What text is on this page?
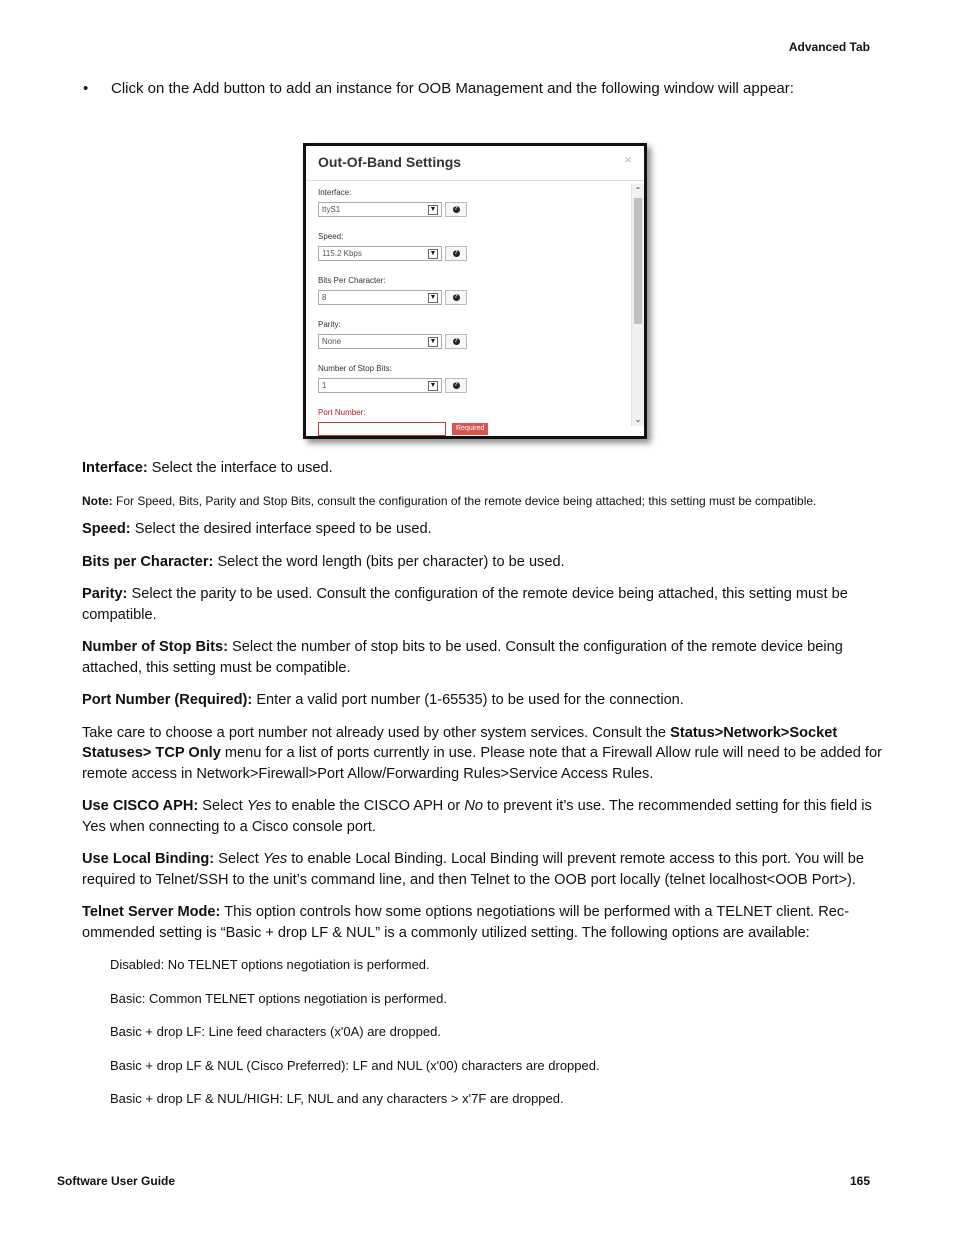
Advanced Tab
• Click on the Add button to add an instance for OOB Management and the following window will appear:
Out-Of-Band Settings	×
Interface:
ttyS1	▼	?
Speed:
115.2 Kbps	▼	?
Bits Per Character:
8	▼	?
Parity:
None	▼	?
Number of Stop Bits:
1	▼	?
Port Number:
Required
⌃
⌄

Interface: Select the interface to used.

Note: For Speed, Bits, Parity and Stop Bits, consult the configuration of the remote device being attached; this setting must be compatible.

Speed: Select the desired interface speed to be used.

Bits per Character: Select the word length (bits per character) to be used.

Parity: Select the parity to be used. Consult the configuration of the remote device being attached, this setting must be compatible.

Number of Stop Bits: Select the number of stop bits to be used. Consult the configuration of the remote device being attached, this setting must be compatible.

Port Number (Required): Enter a valid port number (1-65535) to be used for the connection.

Take care to choose a port number not already used by other system services. Consult the Status>Network>Socket Statuses> TCP Only menu for a list of ports currently in use. Please note that a Firewall Allow rule will need to be added for remote access in Network>Firewall>Port Allow/Forwarding Rules>Service Access Rules.

Use CISCO APH: Select Yes to enable the CISCO APH or No to prevent it’s use. The recommended setting for this field is Yes when connecting to a Cisco console port.

Use Local Binding: Select Yes to enable Local Binding. Local Binding will prevent remote access to this port. You will be required to Telnet/SSH to the unit’s command line, and then Telnet to the OOB port locally (telnet localhost<OOB Port>).

Telnet Server Mode: This option controls how some options negotiations will be performed with a TELNET client. Rec-ommended setting is “Basic + drop LF & NUL” is a commonly utilized setting. The following options are available:

Disabled: No TELNET options negotiation is performed.

Basic: Common TELNET options negotiation is performed.

Basic + drop LF: Line feed characters (x'0A) are dropped.

Basic + drop LF & NUL (Cisco Preferred): LF and NUL (x'00) characters are dropped.

Basic + drop LF & NUL/HIGH: LF, NUL and any characters > x'7F are dropped.

Software User Guide	165
